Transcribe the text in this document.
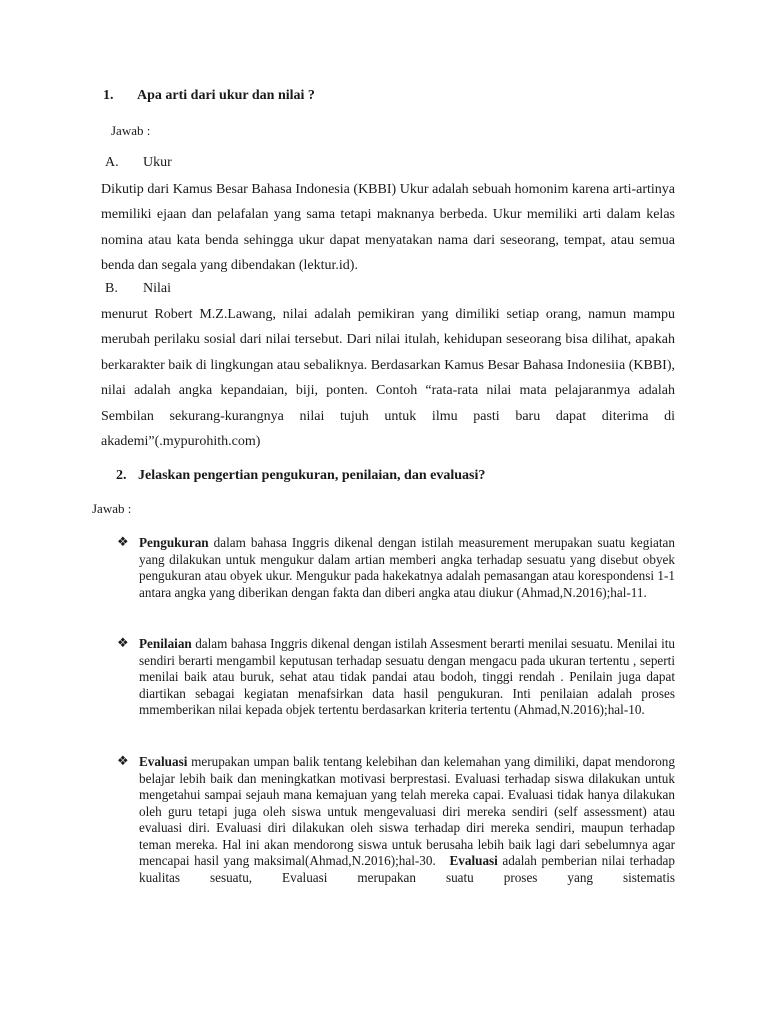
1. Apa arti dari ukur dan nilai ?

Jawab :

A. Ukur

Dikutip dari Kamus Besar Bahasa Indonesia (KBBI) Ukur adalah sebuah homonim karena arti-artinya memiliki ejaan dan pelafalan yang sama tetapi maknanya berbeda. Ukur memiliki arti dalam kelas nomina atau kata benda sehingga ukur dapat menyatakan nama dari seseorang, tempat, atau semua benda dan segala yang dibendakan (lektur.id).

B. Nilai

menurut Robert M.Z.Lawang, nilai adalah pemikiran yang dimiliki setiap orang, namun mampu merubah perilaku sosial dari nilai tersebut. Dari nilai itulah, kehidupan seseorang bisa dilihat, apakah berkarakter baik di lingkungan atau sebaliknya. Berdasarkan Kamus Besar Bahasa Indonesiia (KBBI), nilai adalah angka kepandaian, biji, ponten. Contoh “rata-rata nilai mata pelajaranmya adalah Sembilan sekurang-kurangnya nilai tujuh untuk ilmu pasti baru dapat diterima di akademi”(.mypurohith.com)

2. Jelaskan pengertian pengukuran, penilaian, dan evaluasi?

Jawab :

❖ Pengukuran dalam bahasa Inggris dikenal dengan istilah measurement merupakan suatu kegiatan yang dilakukan untuk mengukur dalam artian memberi angka terhadap sesuatu yang disebut obyek pengukuran atau obyek ukur. Mengukur pada hakekatnya adalah pemasangan atau korespondensi 1-1 antara angka yang diberikan dengan fakta dan diberi angka atau diukur (Ahmad,N.2016);hal-11.

❖ Penilaian dalam bahasa Inggris dikenal dengan istilah Assesment berarti menilai sesuatu. Menilai itu sendiri berarti mengambil keputusan terhadap sesuatu dengan mengacu pada ukuran tertentu , seperti menilai baik atau buruk, sehat atau tidak pandai atau bodoh, tinggi rendah . Penilain juga dapat diartikan sebagai kegiatan menafsirkan data hasil pengukuran. Inti penilaian adalah proses mmemberikan nilai kepada objek tertentu berdasarkan kriteria tertentu (Ahmad,N.2016);hal-10.

❖ Evaluasi merupakan umpan balik tentang kelebihan dan kelemahan yang dimiliki, dapat mendorong belajar lebih baik dan meningkatkan motivasi berprestasi. Evaluasi terhadap siswa dilakukan untuk mengetahui sampai sejauh mana kemajuan yang telah mereka capai. Evaluasi tidak hanya dilakukan oleh guru tetapi juga oleh siswa untuk mengevaluasi diri mereka sendiri (self assessment) atau evaluasi diri. Evaluasi diri dilakukan oleh siswa terhadap diri mereka sendiri, maupun terhadap teman mereka. Hal ini akan mendorong siswa untuk berusaha lebih baik lagi dari sebelumnya agar mencapai hasil yang maksimal(Ahmad,N.2016);hal-30. Evaluasi adalah pemberian nilai terhadap kualitas sesuatu, Evaluasi merupakan suatu proses yang sistematis
